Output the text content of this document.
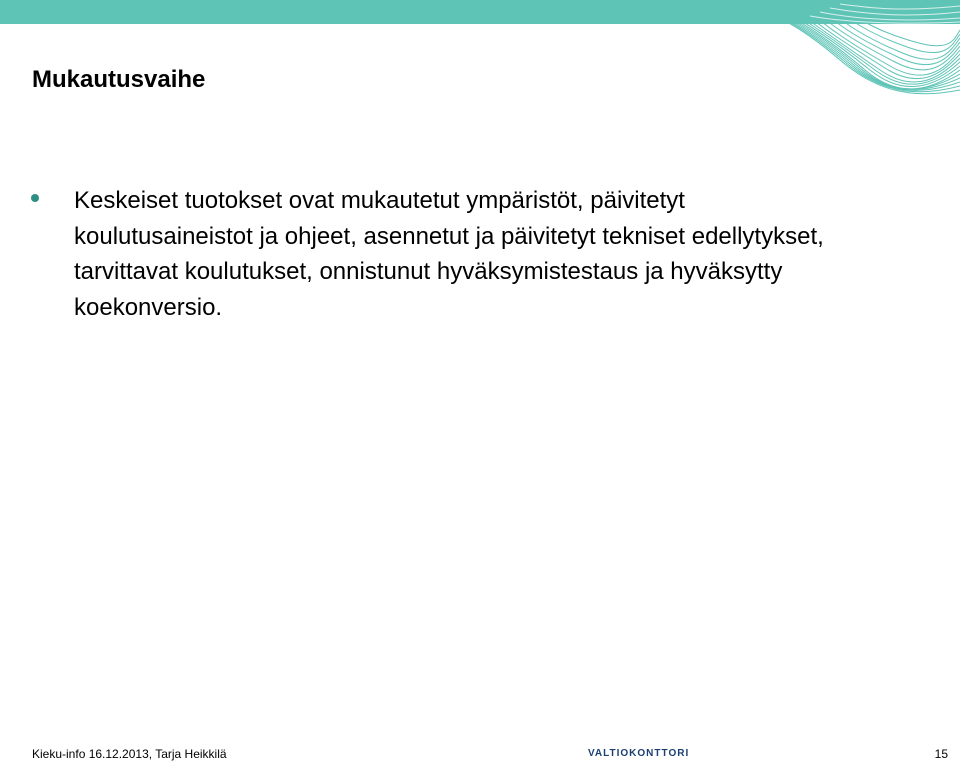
Mukautusvaihe
Keskeiset tuotokset ovat mukautetut ympäristöt, päivitetyt koulutusaineistot ja ohjeet, asennetut ja päivitetyt tekniset edellytykset, tarvittavat koulutukset, onnistunut hyväksymistestaus ja hyväksytty koekonversio.
Kieku-info 16.12.2013, Tarja Heikkilä	VALTIOKONTTORI	15
